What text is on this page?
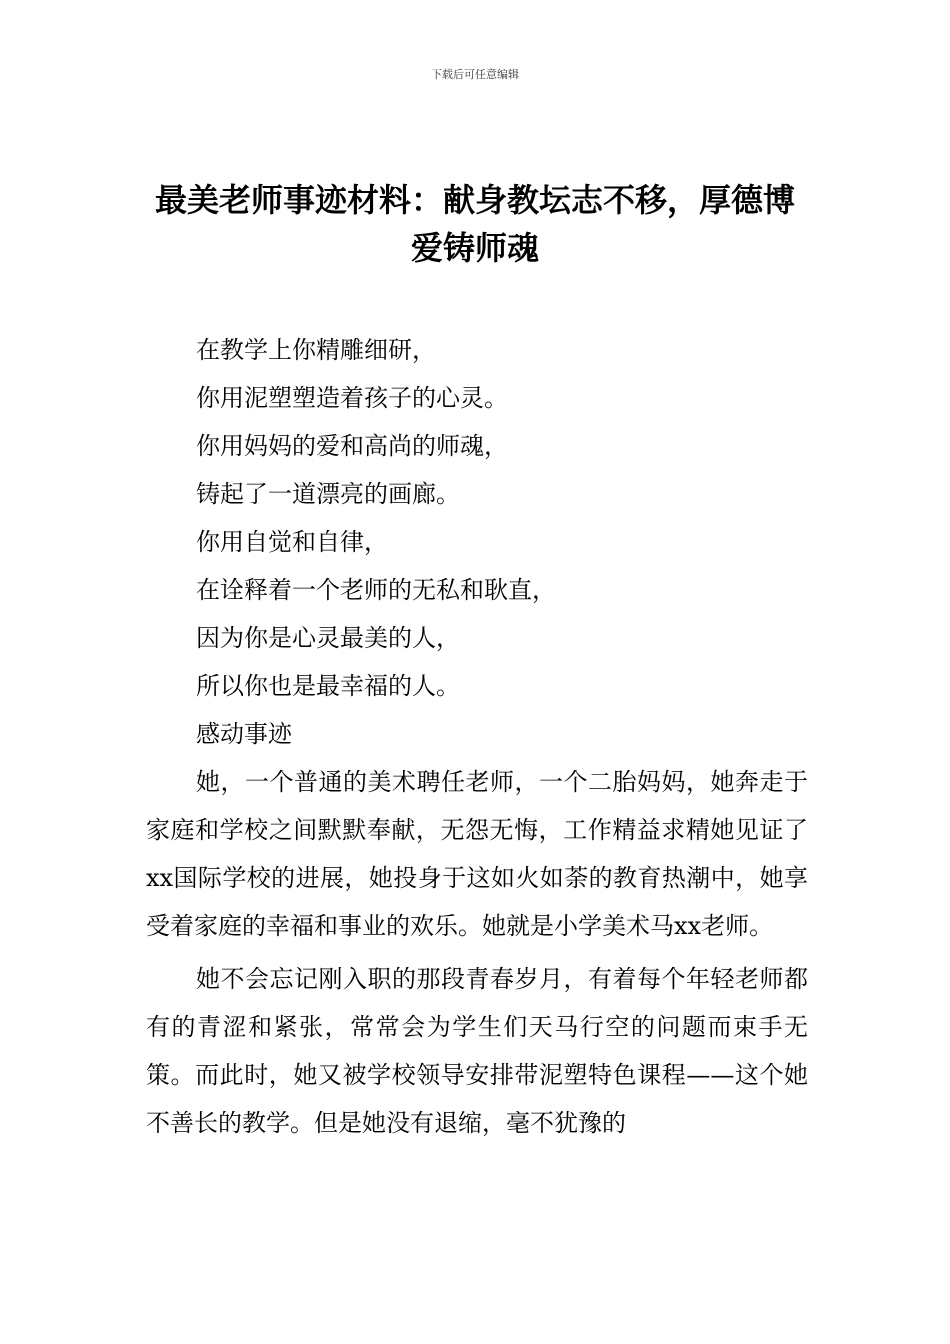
下载后可任意编辑
最美老师事迹材料：献身教坛志不移，厚德博爱铸师魂
在教学上你精雕细研，
你用泥塑塑造着孩子的心灵。
你用妈妈的爱和高尚的师魂，
铸起了一道漂亮的画廊。
你用自觉和自律，
在诠释着一个老师的无私和耿直，
因为你是心灵最美的人，
所以你也是最幸福的人。
感动事迹

她，一个普通的美术聘任老师，一个二胎妈妈，她奔走于家庭和学校之间默默奉献，无怨无悔，工作精益求精她见证了xx国际学校的进展，她投身于这如火如荼的教育热潮中，她享受着家庭的幸福和事业的欢乐。她就是小学美术马xx老师。

她不会忘记刚入职的那段青春岁月，有着每个年轻老师都有的青涩和紧张，常常会为学生们天马行空的问题而束手无策。而此时，她又被学校领导安排带泥塑特色课程——这个她不善长的教学。但是她没有退缩，毫不犹豫的
